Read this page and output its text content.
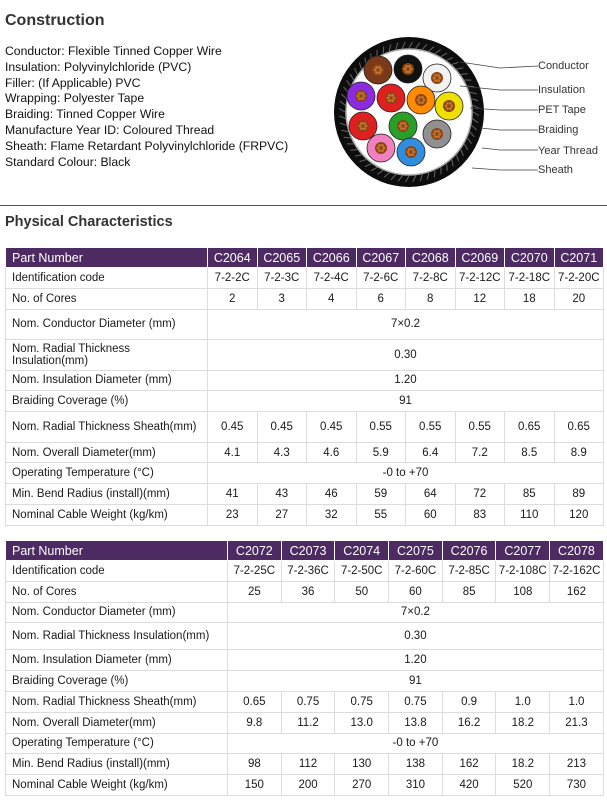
Construction
Conductor: Flexible Tinned Copper Wire
Insulation: Polyvinylchloride (PVC)
Filler: (If Applicable) PVC
Wrapping: Polyester Tape
Braiding: Tinned Copper Wire
Manufacture Year ID: Coloured Thread
Sheath: Flame Retardant Polyvinylchloride (FRPVC)
Standard Colour: Black
Conductor
Insulation
PET Tape
Braiding
Year Thread
Sheath
Physical Characteristics
Part Number	C2064	C2065	C2066	C2067	C2068	C2069	C2070	C2071
Identification code	7-2-2C	7-2-3C	7-2-4C	7-2-6C	7-2-8C	7-2-12C	7-2-18C	7-2-20C
No. of Cores	2	3	4	6	8	12	18	20
Nom. Conductor Diameter (mm)	7×0.2							
Nom. Radial Thickness Insulation(mm)	0.30							
Nom. Insulation Diameter (mm)	1.20							
Braiding Coverage (%)	91							
Nom. Radial Thickness Sheath(mm)	0.45	0.45	0.45	0.55	0.55	0.55	0.65	0.65
Nom. Overall Diameter(mm)	4.1	4.3	4.6	5.9	6.4	7.2	8.5	8.9
Operating Temperature (°C)	-0 to +70							
Min. Bend Radius (install)(mm)	41	43	46	59	64	72	85	89
Nominal Cable Weight (kg/km)	23	27	32	55	60	83	110	120
Part Number	C2072	C2073	C2074	C2075	C2076	C2077	C2078
Identification code	7-2-25C	7-2-36C	7-2-50C	7-2-60C	7-2-85C	7-2-108C	7-2-162C
No. of Cores	25	36	50	60	85	108	162
Nom. Conductor Diameter (mm)	7×0.2						
Nom. Radial Thickness Insulation(mm)	0.30						
Nom. Insulation Diameter (mm)	1.20						
Braiding Coverage (%)	91						
Nom. Radial Thickness Sheath(mm)	0.65	0.75	0.75	0.75	0.9	1.0	1.0
Nom. Overall Diameter(mm)	9.8	11.2	13.0	13.8	16.2	18.2	21.3
Operating Temperature (°C)	-0 to +70						
Min. Bend Radius (install)(mm)	98	112	130	138	162	18.2	213
Nominal Cable Weight (kg/km)	150	200	270	310	420	520	730
